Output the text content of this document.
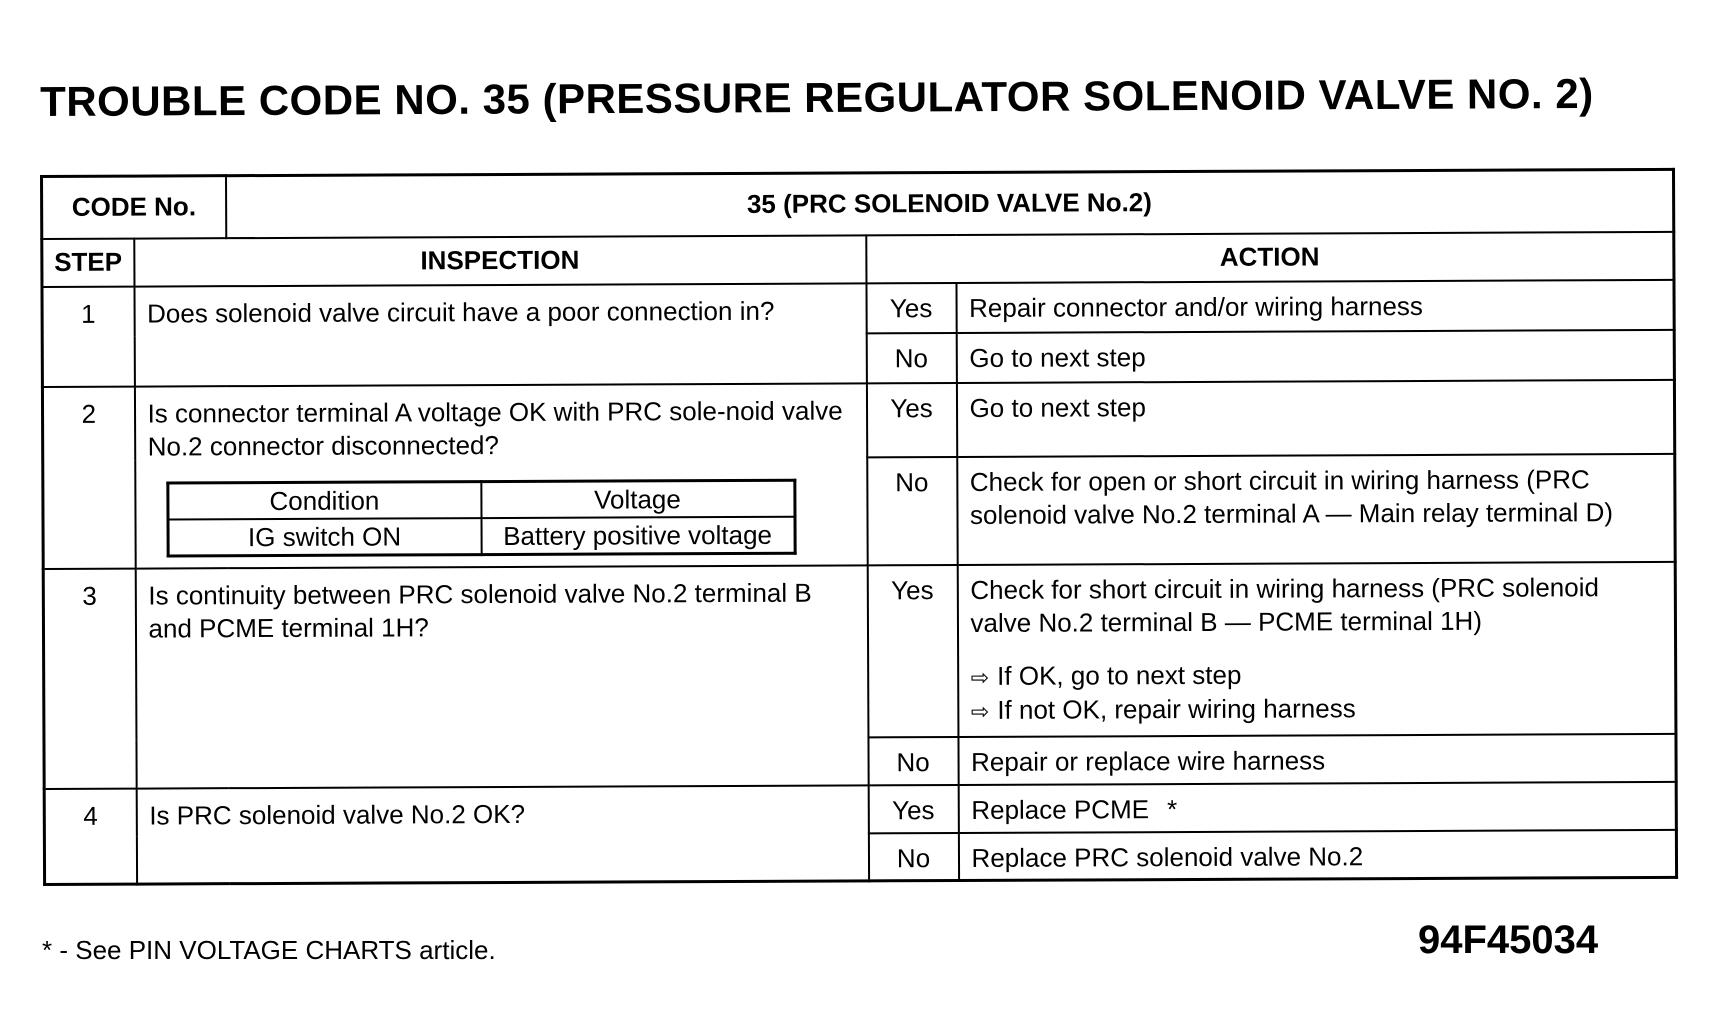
TROUBLE CODE NO. 35 (PRESSURE REGULATOR SOLENOID VALVE NO. 2)
CODE No.	35 (PRC SOLENOID VALVE No.2)
STEP	INSPECTION	ACTION
1	Does solenoid valve circuit have a poor connection in?	Yes	Repair connector and/or wiring harness
No	Go to next step
2	Is connector terminal A voltage OK with PRC sole-noid valve No.2 connector disconnected?
Condition	Voltage
IG switch ON	Battery positive voltage
	Yes	Go to next step
No	Check for open or short circuit in wiring harness (PRC solenoid valve No.2 terminal A — Main relay terminal D)
3	Is continuity between PRC solenoid valve No.2 terminal B and PCME terminal 1H?	Yes	Check for short circuit in wiring harness (PRC solenoid valve No.2 terminal B — PCME terminal 1H)
⇨ If OK, go to next step
⇨ If not OK, repair wiring harness

No	Repair or replace wire harness
4	Is PRC solenoid valve No.2 OK?	Yes	Replace PCME *
No	Replace PRC solenoid valve No.2
* - See PIN VOLTAGE CHARTS article.	94F45034
